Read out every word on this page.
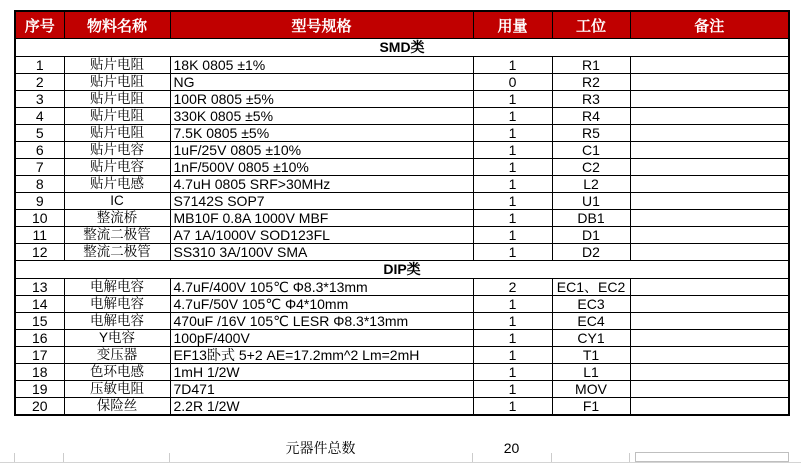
序号	物料名称	型号规格	用量	工位	备注
SMD类					
1	贴片电阻	18K 0805 ±1%	1	R1	
2	贴片电阻	NG	0	R2	
3	贴片电阻	100R 0805 ±5%	1	R3	
4	贴片电阻	330K 0805 ±5%	1	R4	
5	贴片电阻	7.5K 0805 ±5%	1	R5	
6	贴片电容	1uF/25V 0805 ±10%	1	C1	
7	贴片电容	1nF/500V 0805 ±10%	1	C2	
8	贴片电感	4.7uH 0805 SRF>30MHz	1	L2	
9	IC	S7142S SOP7	1	U1	
10	整流桥	MB10F 0.8A 1000V MBF	1	DB1	
11	整流二极管	A7 1A/1000V SOD123FL	1	D1	
12	整流二极管	SS310 3A/100V SMA	1	D2	
DIP类					
13	电解电容	4.7uF/400V 105℃ Φ8.3*13mm	2	EC1、EC2	
14	电解电容	4.7uF/50V 105℃ Φ4*10mm	1	EC3	
15	电解电容	470uF /16V 105℃ LESR Φ8.3*13mm	1	EC4	
16	Y电容	100pF/400V	1	CY1	
17	变压器	EF13卧式 5+2 AE=17.2mm^2 Lm=2mH	1	T1	
18	色环电感	1mH 1/2W	1	L1	
19	压敏电阻	7D471	1	MOV	
20	保险丝	2.2R 1/2W	1	F1	
元器件总数	20
